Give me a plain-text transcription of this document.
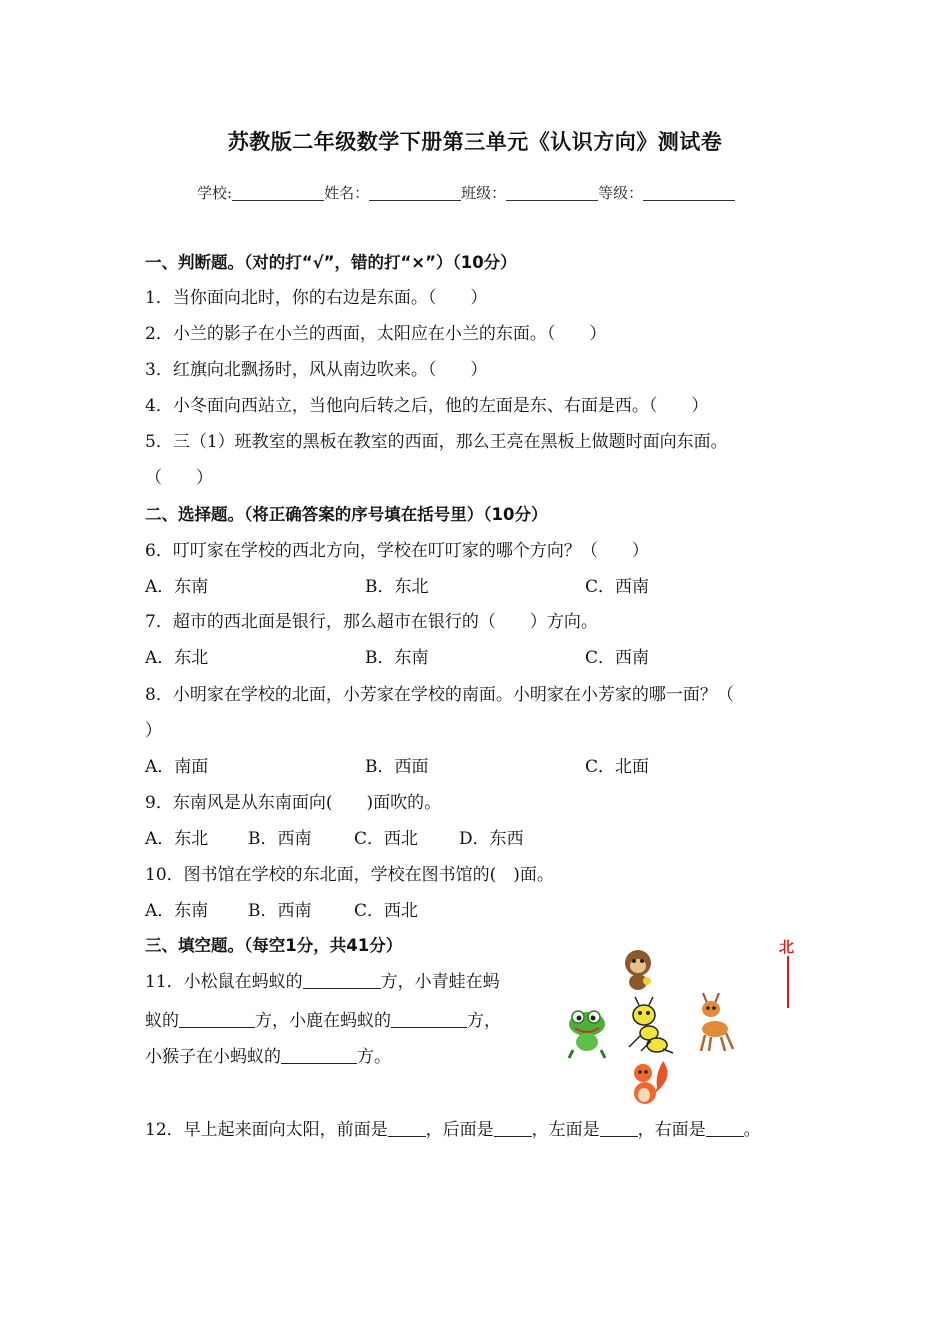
苏教版二年级数学下册第三单元《认识方向》测试卷
学校:	姓名：	班级：	等级：
一、判断题。（对的打“√”，错的打“×”）（10分）
1．当你面向北时，你的右边是东面。（　　）
2．小兰的影子在小兰的西面，太阳应在小兰的东面。（　　）
3．红旗向北飘扬时，风从南边吹来。（　　）
4．小冬面向西站立，当他向后转之后，他的左面是东、右面是西。（　　）
5．三（1）班教室的黑板在教室的西面，那么王亮在黑板上做题时面向东面。
（　　）
二、选择题。（将正确答案的序号填在括号里）（10分）
6．叮叮家在学校的西北方向，学校在叮叮家的哪个方向？（　　）
A．东南	B．东北	C．西南
7．超市的西北面是银行，那么超市在银行的（　　）方向。
A．东北	B．东南	C．西南
8．小明家在学校的北面，小芳家在学校的南面。小明家在小芳家的哪一面？（
）
A．南面	B．西面	C．北面
9．东南风是从东南面向(　　)面吹的。
A．东北 B．西南	C．西北 D．东西
10．图书馆在学校的东北面，学校在图书馆的(　)面。
A．东南 B．西南	C．西北
三、填空题。（每空1分，共41分）
11．小松鼠在蚂蚁的	方，小青蛙在蚂
蚁的	方，小鹿在蚂蚁的	方，
小猴子在小蚂蚁的	方。
北
12．早上起来面向太阳，前面是 ，后面是 ，左面是 ，右面是 。
